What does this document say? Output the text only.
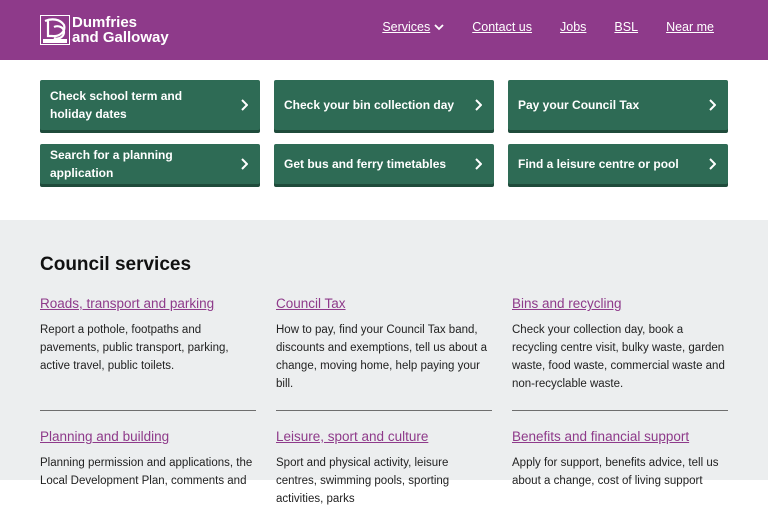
Dumfries
and Galloway
Services	Contact us Jobs BSL Near me
Check school term and holiday dates
Check your bin collection day	Pay your Council Tax
Search for a planning application
Get bus and ferry timetables	Find a leisure centre or pool
Council services
Roads, transport and parking

Report a pothole, footpaths and pavements, public transport, parking, active travel, public toilets.

Council Tax

How to pay, find your Council Tax band, discounts and exemptions, tell us about a change, moving home, help paying your bill.

Bins and recycling

Check your collection day, book a recycling centre visit, bulky waste, garden waste, food waste, commercial waste and non-recyclable waste.

Planning and building

Planning permission and applications, the Local Development Plan, comments and

Leisure, sport and culture

Sport and physical activity, leisure centres, swimming pools, sporting activities, parks

Benefits and financial support

Apply for support, benefits advice, tell us about a change, cost of living support
